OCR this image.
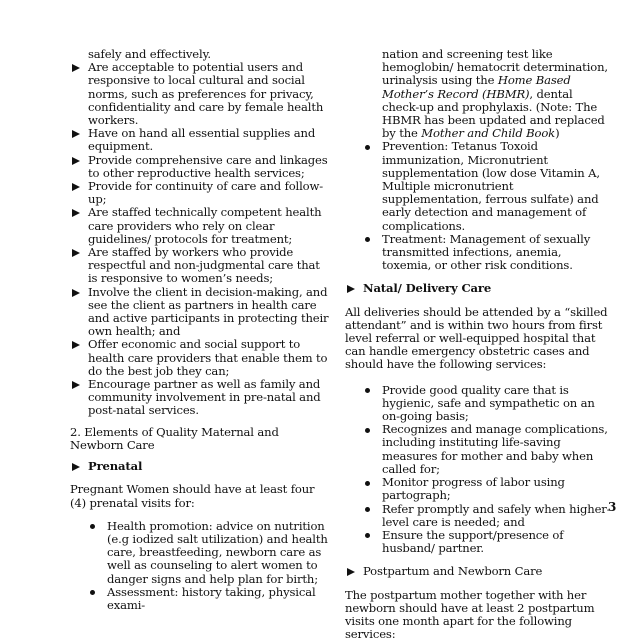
safely and effectively.
Are acceptable to potential users and responsive to local cultural and social norms, such as preferences for privacy, confidentiality and care by female health workers.
Have on hand all essential supplies and equipment.
Provide comprehensive care and linkages to other reproductive health services;
Provide for continuity of care and follow-up;
Are staffed technically competent health care providers who rely on clear guidelines/ protocols for treatment;
Are staffed by workers who provide respectful and non-judgmental care that is responsive to women’s needs;
Involve the client in decision-making, and see the client as partners in health care and active participants in protecting their own health; and
Offer economic and social support to health care providers that enable them to do the best job they can;
Encourage partner as well as family and community involvement in pre-natal and post-natal services.
2. Elements of Quality Maternal and Newborn Care
Prenatal
Pregnant Women should have at least four (4) prenatal visits for:
Health promotion: advice on nutrition (e.g iodized salt utilization) and health care, breastfeeding, newborn care as well as counseling to alert women to danger signs and help plan for birth;
Assessment: history taking, physical exami-
nation and screening test like hemoglobin/ hematocrit determination, urinalysis using the Home Based Mother’s Record (HBMR), dental check-up and prophylaxis. (Note: The HBMR has been updated and replaced by the Mother and Child Book)
Prevention: Tetanus Toxoid immunization, Micronutrient supplementation (low dose Vitamin A, Multiple micronutrient supplementation, ferrous sulfate) and early detection and management of complications.
Treatment: Management of sexually transmitted infections, anemia, toxemia, or other risk conditions.
Natal/ Delivery Care
All deliveries should be attended by a “skilled attendant” and is within two hours from first level referral or well-equipped hospital that can handle emergency obstetric cases and should have the following services:
Provide good quality care that is hygienic, safe and sympathetic on an on-going basis;
Recognizes and manage complications, including instituting life-saving measures for mother and baby when called for;
Monitor progress of labor using partograph;
Refer promptly and safely when higher-level care is needed; and
Ensure the support/presence of husband/ partner.
Postpartum and Newborn Care
The postpartum mother together with her newborn should have at least 2 postpartum visits one month apart for the following services:
3
